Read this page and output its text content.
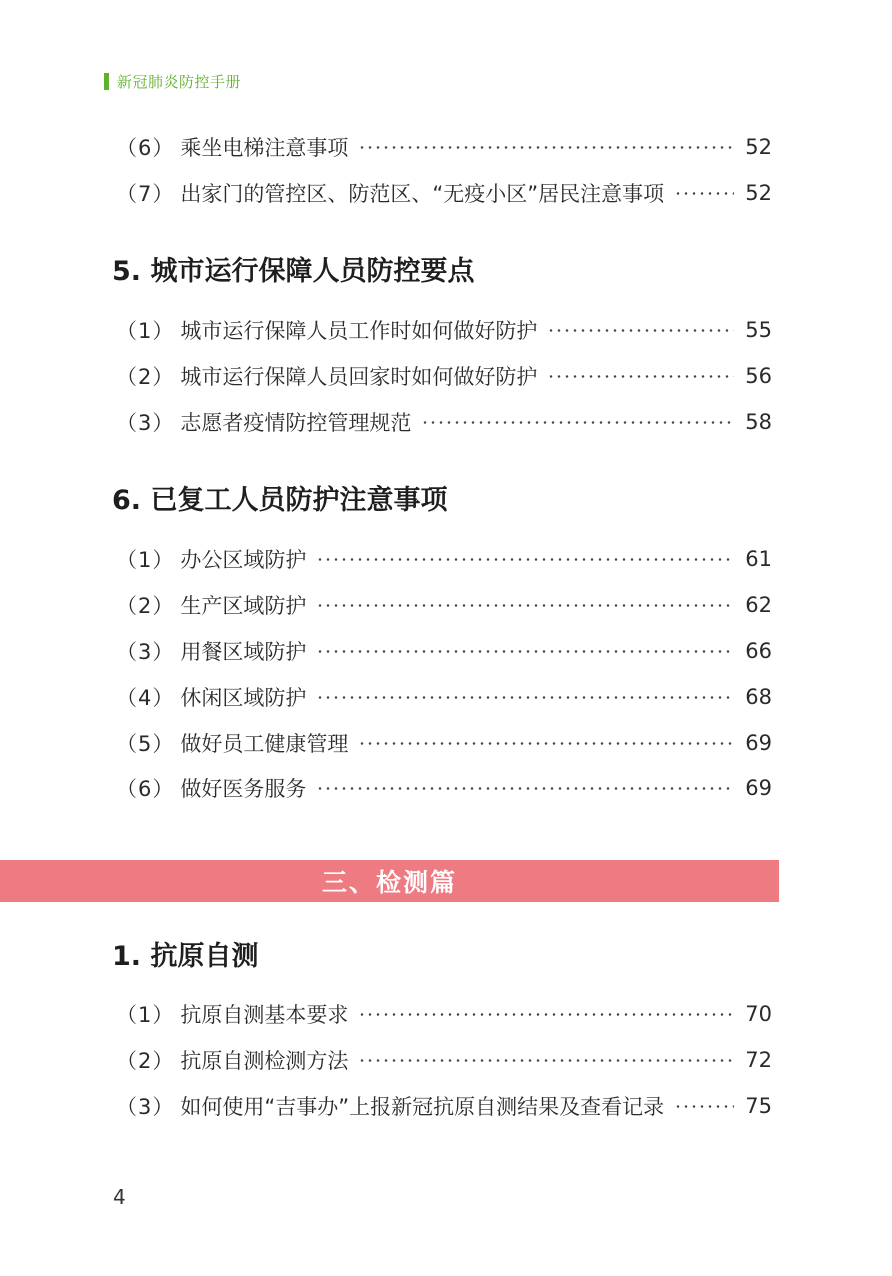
新冠肺炎防控手册
（6） 乘坐电梯注意事项	52
（7） 出家门的管控区、防范区、“无疫小区”居民注意事项	52
5. 城市运行保障人员防控要点
（1） 城市运行保障人员工作时如何做好防护	55
（2） 城市运行保障人员回家时如何做好防护	56
（3） 志愿者疫情防控管理规范	58
6. 已复工人员防护注意事项
（1） 办公区域防护	61
（2） 生产区域防护	62
（3） 用餐区域防护	66
（4） 休闲区域防护	68
（5） 做好员工健康管理	69
（6） 做好医务服务	69
三、检测篇
1. 抗原自测
（1） 抗原自测基本要求	70
（2） 抗原自测检测方法	72
（3） 如何使用“吉事办”上报新冠抗原自测结果及查看记录	75
4
